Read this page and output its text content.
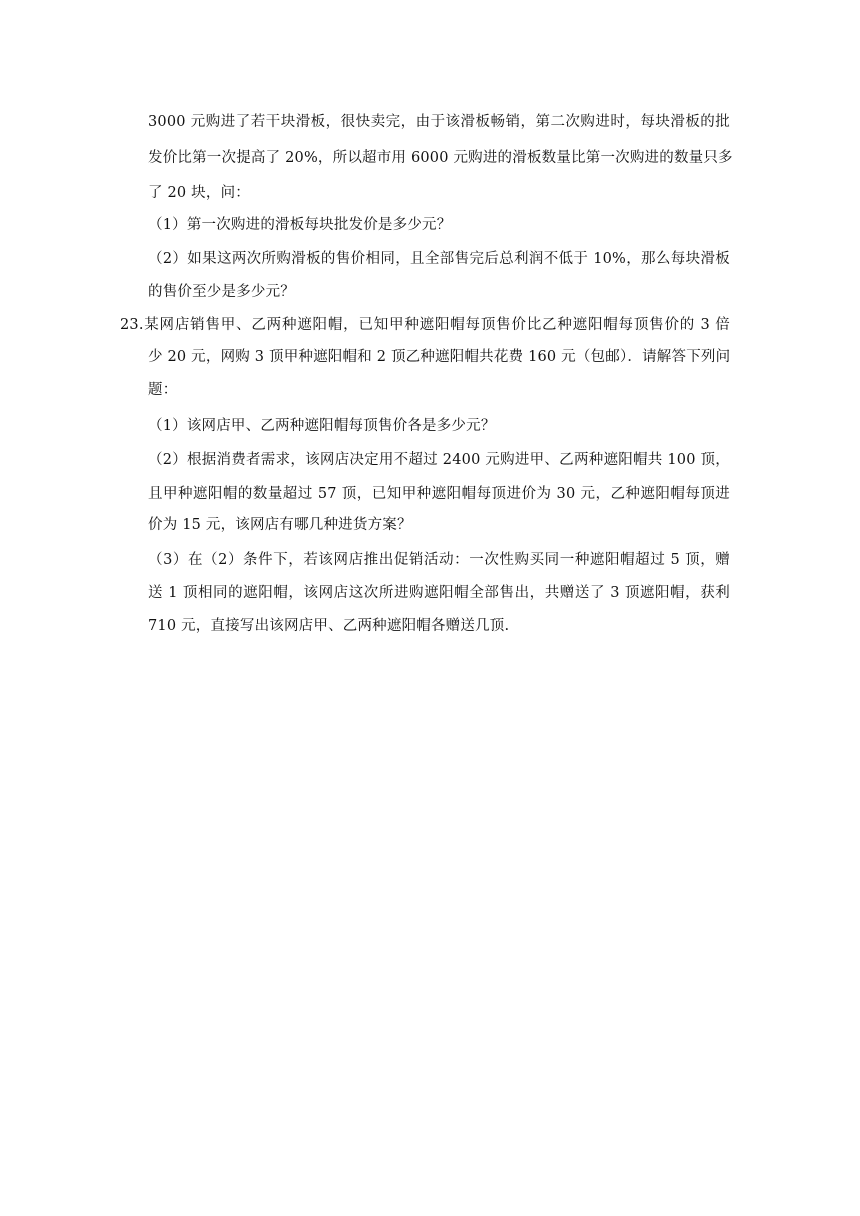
3000 元购进了若干块滑板，很快卖完，由于该滑板畅销，第二次购进时，每块滑板的批
发价比第一次提高了 20%，所以超市用 6000 元购进的滑板数量比第一次购进的数量只多
了 20 块，问：
（1）第一次购进的滑板每块批发价是多少元？
（2）如果这两次所购滑板的售价相同，且全部售完后总利润不低于 10%，那么每块滑板
的售价至少是多少元？
23.某网店销售甲、乙两种遮阳帽，已知甲种遮阳帽每顶售价比乙种遮阳帽每顶售价的 3 倍
少 20 元，网购 3 顶甲种遮阳帽和 2 顶乙种遮阳帽共花费 160 元（包邮）．请解答下列问
题：
（1）该网店甲、乙两种遮阳帽每顶售价各是多少元？
（2）根据消费者需求，该网店决定用不超过 2400 元购进甲、乙两种遮阳帽共 100 顶，
且甲种遮阳帽的数量超过 57 顶，已知甲种遮阳帽每顶进价为 30 元，乙种遮阳帽每顶进
价为 15 元，该网店有哪几种进货方案？
（3）在（2）条件下，若该网店推出促销活动：一次性购买同一种遮阳帽超过 5 顶，赠
送 1 顶相同的遮阳帽，该网店这次所进购遮阳帽全部售出，共赠送了 3 顶遮阳帽，获利
710 元，直接写出该网店甲、乙两种遮阳帽各赠送几顶.
